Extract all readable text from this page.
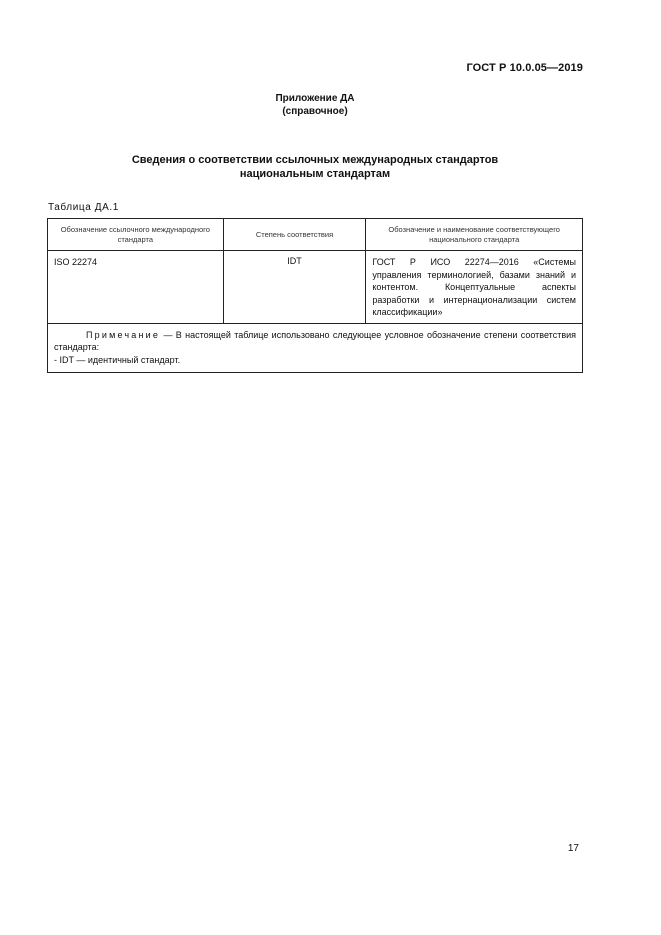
ГОСТ Р 10.0.05—2019
Приложение ДА
(справочное)
Сведения о соответствии ссылочных международных стандартов
национальным стандартам
Таблица ДА.1
Обозначение ссылочного международного стандарта	Степень соответствия	Обозначение и наименование соответствующего национального стандарта
ISO 22274	IDT	ГОСТ Р ИСО 22274—2016 «Системы управления терминологией, базами знаний и контентом. Концептуальные аспекты разработки и интернационализации систем классификации»

Примечание — В настоящей таблице использовано следующее условное обозначение степени соответствия стандарта:
- IDT — идентичный стандарт.		
17
